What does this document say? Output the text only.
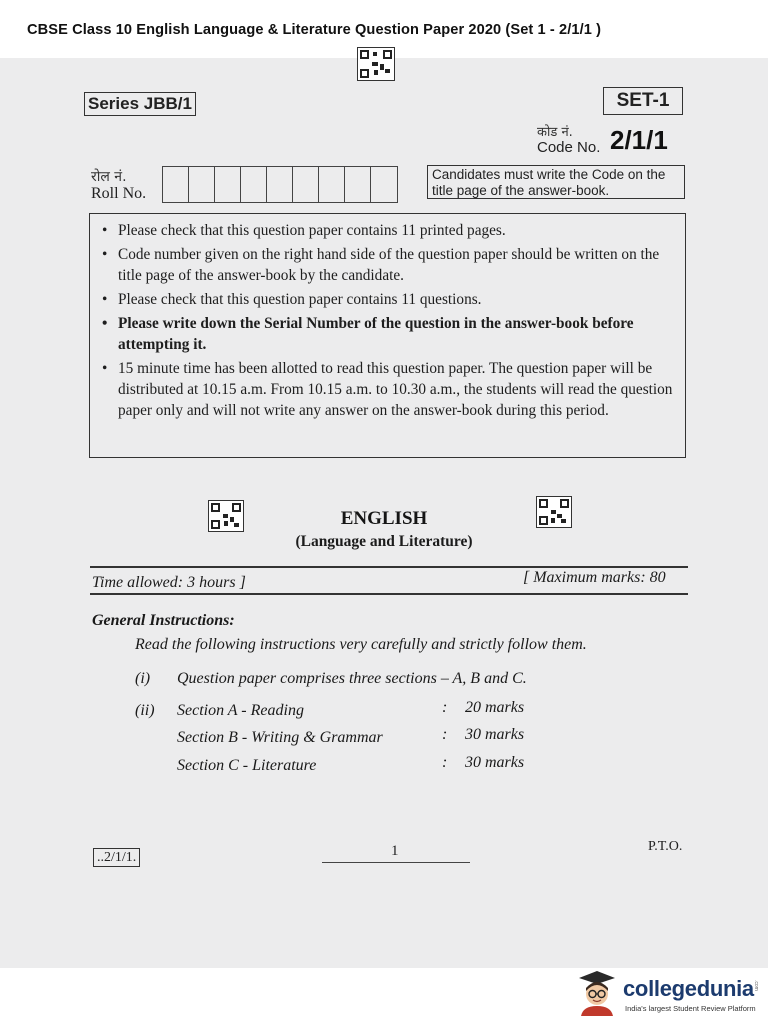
CBSE Class 10 English Language & Literature Question Paper 2020 (Set 1 - 2/1/1 )
Series JBB/1	SET-1
कोड नं.
Code No. 2/1/1
रोल नं.
Roll No.
Candidates must write the Code on the title page of the answer-book.
• Please check that this question paper contains 11 printed pages.
• Code number given on the right hand side of the question paper should be written on the title page of the answer-book by the candidate.
• Please check that this question paper contains 11 questions.
• Please write down the Serial Number of the question in the answer-book before attempting it.
• 15 minute time has been allotted to read this question paper. The question paper will be distributed at 10.15 a.m. From 10.15 a.m. to 10.30 a.m., the students will read the question paper only and will not write any answer on the answer-book during this period.
ENGLISH
(Language and Literature)
Time allowed: 3 hours ]	[ Maximum marks: 80
General Instructions:
Read the following instructions very carefully and strictly follow them.
(i) Question paper comprises three sections – A, B and C.
(ii) Section A - Reading	: 20 marks
Section B - Writing & Grammar	: 30 marks
Section C - Literature	: 30 marks
..2/1/1.	1	P.T.O.
collegedunia
India's largest Student Review Platform
.com
